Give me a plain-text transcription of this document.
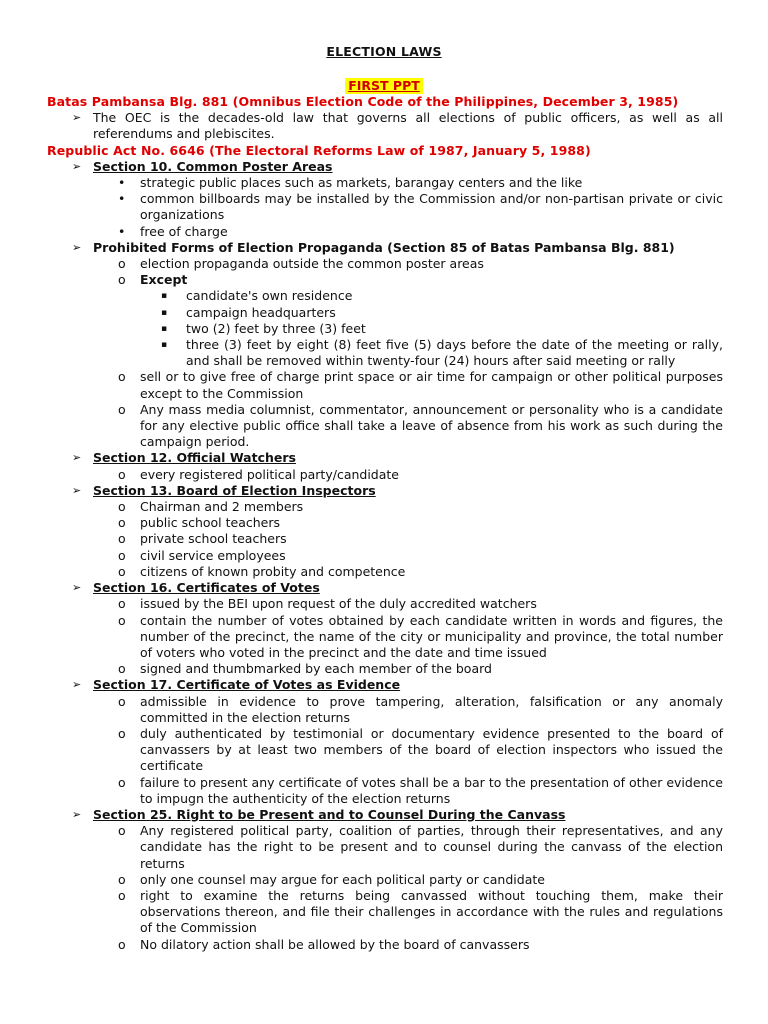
ELECTION LAWS
FIRST PPT
Batas Pambansa Blg. 881 (Omnibus Election Code of the Philippines, December 3, 1985)
➢ The OEC is the decades-old law that governs all elections of public officers, as well as all referendums and plebiscites.
Republic Act No. 6646 (The Electoral Reforms Law of 1987, January 5, 1988)
➢ Section 10. Common Poster Areas
• strategic public places such as markets, barangay centers and the like
• common billboards may be installed by the Commission and/or non-partisan private or civic organizations
• free of charge
➢ Prohibited Forms of Election Propaganda (Section 85 of Batas Pambansa Blg. 881)
o election propaganda outside the common poster areas
o Except
▪ candidate's own residence
▪ campaign headquarters
▪ two (2) feet by three (3) feet
▪ three (3) feet by eight (8) feet five (5) days before the date of the meeting or rally, and shall be removed within twenty-four (24) hours after said meeting or rally
o sell or to give free of charge print space or air time for campaign or other political purposes except to the Commission
o Any mass media columnist, commentator, announcement or personality who is a candidate for any elective public office shall take a leave of absence from his work as such during the campaign period.
➢ Section 12. Official Watchers
o every registered political party/candidate
➢ Section 13. Board of Election Inspectors
o Chairman and 2 members
o public school teachers
o private school teachers
o civil service employees
o citizens of known probity and competence
➢ Section 16. Certificates of Votes
o issued by the BEI upon request of the duly accredited watchers
o contain the number of votes obtained by each candidate written in words and figures, the number of the precinct, the name of the city or municipality and province, the total number of voters who voted in the precinct and the date and time issued
o signed and thumbmarked by each member of the board
➢ Section 17. Certificate of Votes as Evidence
o admissible in evidence to prove tampering, alteration, falsification or any anomaly committed in the election returns
o duly authenticated by testimonial or documentary evidence presented to the board of canvassers by at least two members of the board of election inspectors who issued the certificate
o failure to present any certificate of votes shall be a bar to the presentation of other evidence to impugn the authenticity of the election returns
➢ Section 25. Right to be Present and to Counsel During the Canvass
o Any registered political party, coalition of parties, through their representatives, and any candidate has the right to be present and to counsel during the canvass of the election returns
o only one counsel may argue for each political party or candidate
o right to examine the returns being canvassed without touching them, make their observations thereon, and file their challenges in accordance with the rules and regulations of the Commission
o No dilatory action shall be allowed by the board of canvassers
